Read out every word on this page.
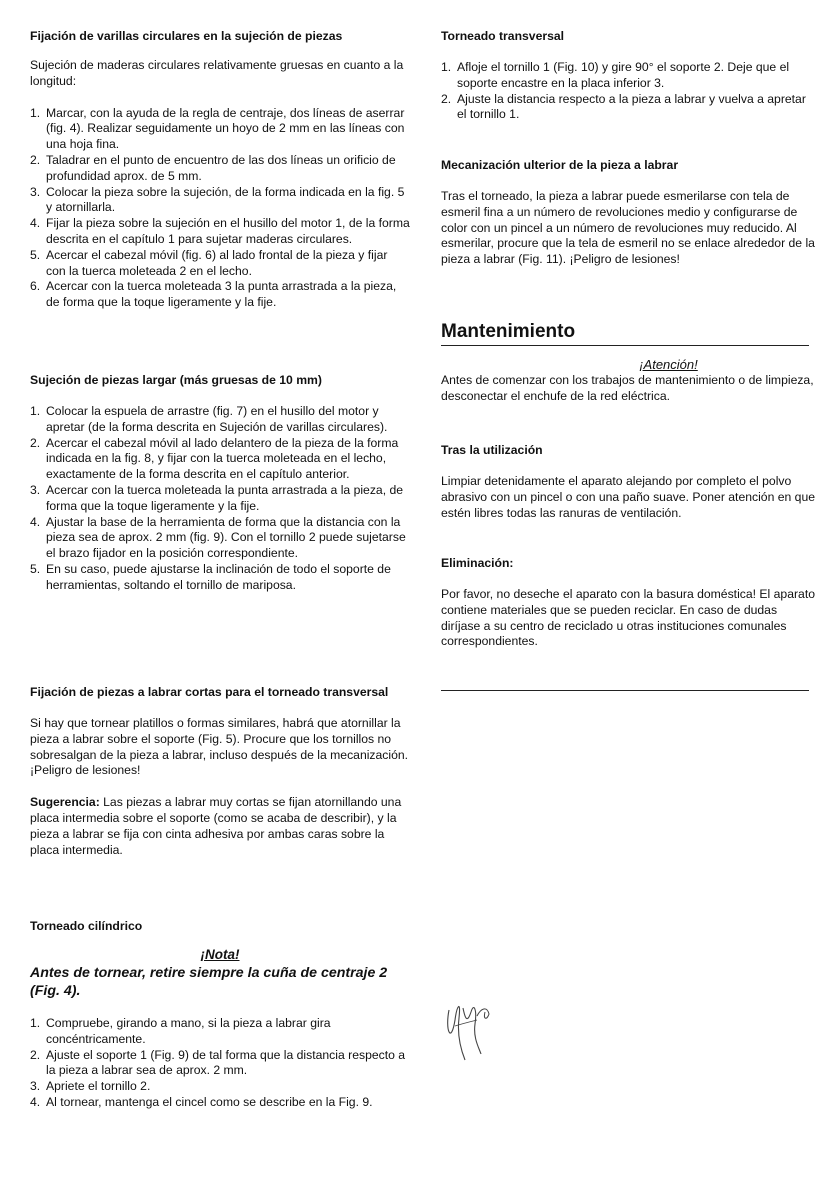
Fijación de varillas circulares en la sujeción de piezas

Sujeción de maderas circulares relativamente gruesas en cuanto a la longitud:

1. Marcar, con la ayuda de la regla de centraje, dos líneas de aserrar (fig. 4). Realizar seguidamente un hoyo de 2 mm en las líneas con una hoja fina.
2. Taladrar en el punto de encuentro de las dos líneas un orificio de profundidad aprox. de 5 mm.
3. Colocar la pieza sobre la sujeción, de la forma indicada en la fig. 5 y atornillarla.
4. Fijar la pieza sobre la sujeción en el husillo del motor 1, de la forma descrita en el capítulo 1 para sujetar maderas circulares.
5. Acercar el cabezal móvil (fig. 6) al lado frontal de la pieza y fijar con la tuerca moleteada 2 en el lecho.
6. Acercar con la tuerca moleteada 3 la punta arrastrada a la pieza, de forma que la toque ligeramente y la fije.
Sujeción de piezas largar (más gruesas de 10 mm)
1. Colocar la espuela de arrastre (fig. 7) en el husillo del motor y apretar (de la forma descrita en Sujeción de varillas circulares).
2. Acercar el cabezal móvil al lado delantero de la pieza de la forma indicada en la fig. 8, y fijar con la tuerca moleteada en el lecho, exactamente de la forma descrita en el capítulo anterior.
3. Acercar con la tuerca moleteada la punta arrastrada a la pieza, de forma que la toque ligeramente y la fije.
4. Ajustar la base de la herramienta de forma que la distancia con la pieza sea de aprox. 2 mm (fig. 9). Con el tornillo 2 puede sujetarse el brazo fijador en la posición correspondiente.
5. En su caso, puede ajustarse la inclinación de todo el soporte de herramientas, soltando el tornillo de mariposa.
Fijación de piezas a labrar cortas para el torneado transversal

Si hay que tornear platillos o formas similares, habrá que atornillar la pieza a labrar sobre el soporte (Fig. 5). Procure que los tornillos no sobresalgan de la pieza a labrar, incluso después de la mecanización. ¡Peligro de lesiones!

Sugerencia: Las piezas a labrar muy cortas se fijan atornillando una placa intermedia sobre el soporte (como se acaba de describir), y la pieza a labrar se fija con cinta adhesiva por ambas caras sobre la placa intermedia.

Torneado cilíndrico
¡Nota!
Antes de tornear, retire siempre la cuña de centraje 2 (Fig. 4).
1. Compruebe, girando a mano, si la pieza a labrar gira concéntricamente.
2. Ajuste el soporte 1 (Fig. 9) de tal forma que la distancia respecto a la pieza a labrar sea de aprox. 2 mm.
3. Apriete el tornillo 2.
4. Al tornear, mantenga el cincel como se describe en la Fig. 9.
Torneado transversal
1. Afloje el tornillo 1 (Fig. 10) y gire 90° el soporte 2. Deje que el soporte encastre en la placa inferior 3.
2. Ajuste la distancia respecto a la pieza a labrar y vuelva a apretar el tornillo 1.
Mecanización ulterior de la pieza a labrar

Tras el torneado, la pieza a labrar puede esmerilarse con tela de esmeril fina a un número de revoluciones medio y configurarse de color con un pincel a un número de revoluciones muy reducido. Al esmerilar, procure que la tela de esmeril no se enlace alrededor de la pieza a labrar (Fig. 11). ¡Peligro de lesiones!

Mantenimiento
¡Atención!

Antes de comenzar con los trabajos de mantenimiento o de limpieza, desconectar el enchufe de la red eléctrica.

Tras la utilización

Limpiar detenidamente el aparato alejando por completo el polvo abrasivo con un pincel o con una paño suave. Poner atención en que estén libres todas las ranuras de ventilación.

Eliminación:

Por favor, no deseche el aparato con la basura doméstica! El aparato contiene materiales que se pueden reciclar. En caso de dudas diríjase a su centro de reciclado u otras instituciones comunales correspondientes.
